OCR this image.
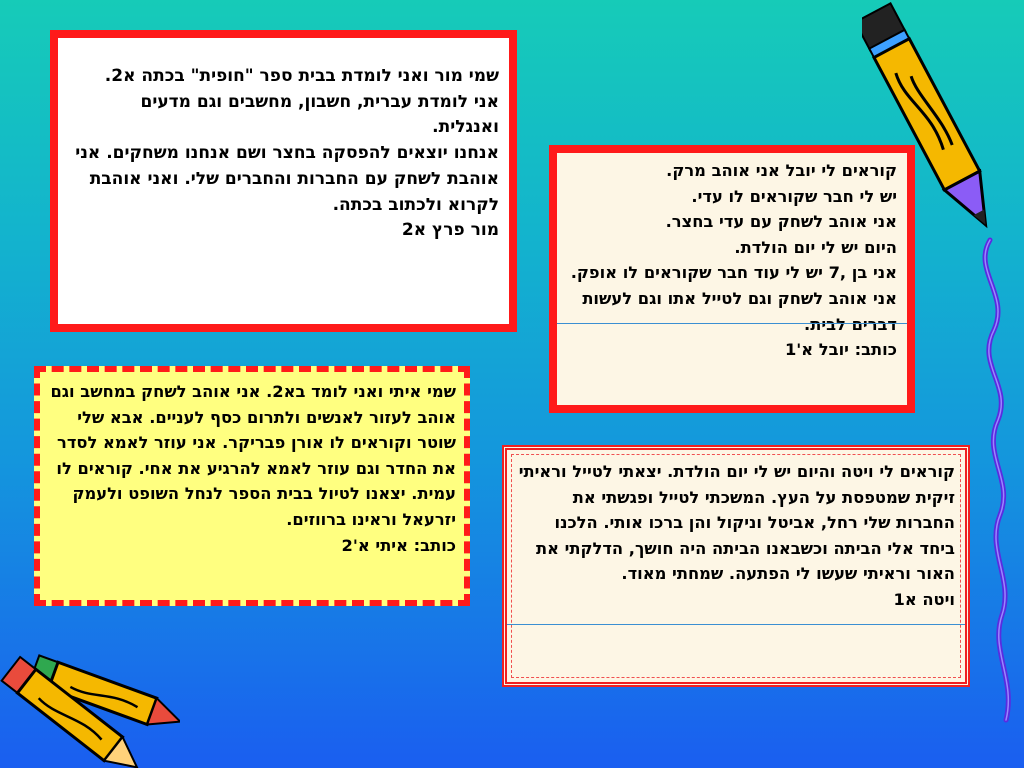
שמי מור ואני לומדת בבית ספר "חופית" בכתה א2.
אני לומדת עברית, חשבון, מחשבים וגם מדעים ואנגלית.
אנחנו יוצאים להפסקה בחצר ושם אנחנו משחקים. אני אוהבת לשחק עם החברות והחברים שלי. ואני אוהבת לקרוא ולכתוב בכתה.
מור פרץ א2

קוראים לי יובל אני אוהב מרק.
יש לי חבר שקוראים לו עדי.
אני אוהב לשחק עם עדי בחצר.
היום יש לי יום הולדת.
אני בן ,7 יש לי עוד חבר שקוראים לו אופק. אני אוהב לשחק וגם לטייל אתו וגם לעשות דברים לבית.
כותב: יובל א'1

שמי איתי ואני לומד בא2. אני אוהב לשחק במחשב וגם אוהב לעזור לאנשים ולתרום כסף לעניים. אבא שלי שוטר וקוראים לו אורן פבריקר. אני עוזר לאמא לסדר את החדר וגם עוזר לאמא להרגיע את אחי. קוראים לו עמית. יצאנו לטיול בבית הספר לנחל השופט ולעמק יזרעאל וראינו ברווזים.
כותב: איתי א'2

קוראים לי ויטה והיום יש לי יום הולדת. יצאתי לטייל וראיתי זיקית שמטפסת על העץ. המשכתי לטייל ופגשתי את החברות שלי רחל, אביטל וניקול והן ברכו אותי. הלכנו ביחד אלי הביתה וכשבאנו הביתה היה חושך, הדלקתי את האור וראיתי שעשו לי הפתעה. שמחתי מאוד.
ויטה א1
